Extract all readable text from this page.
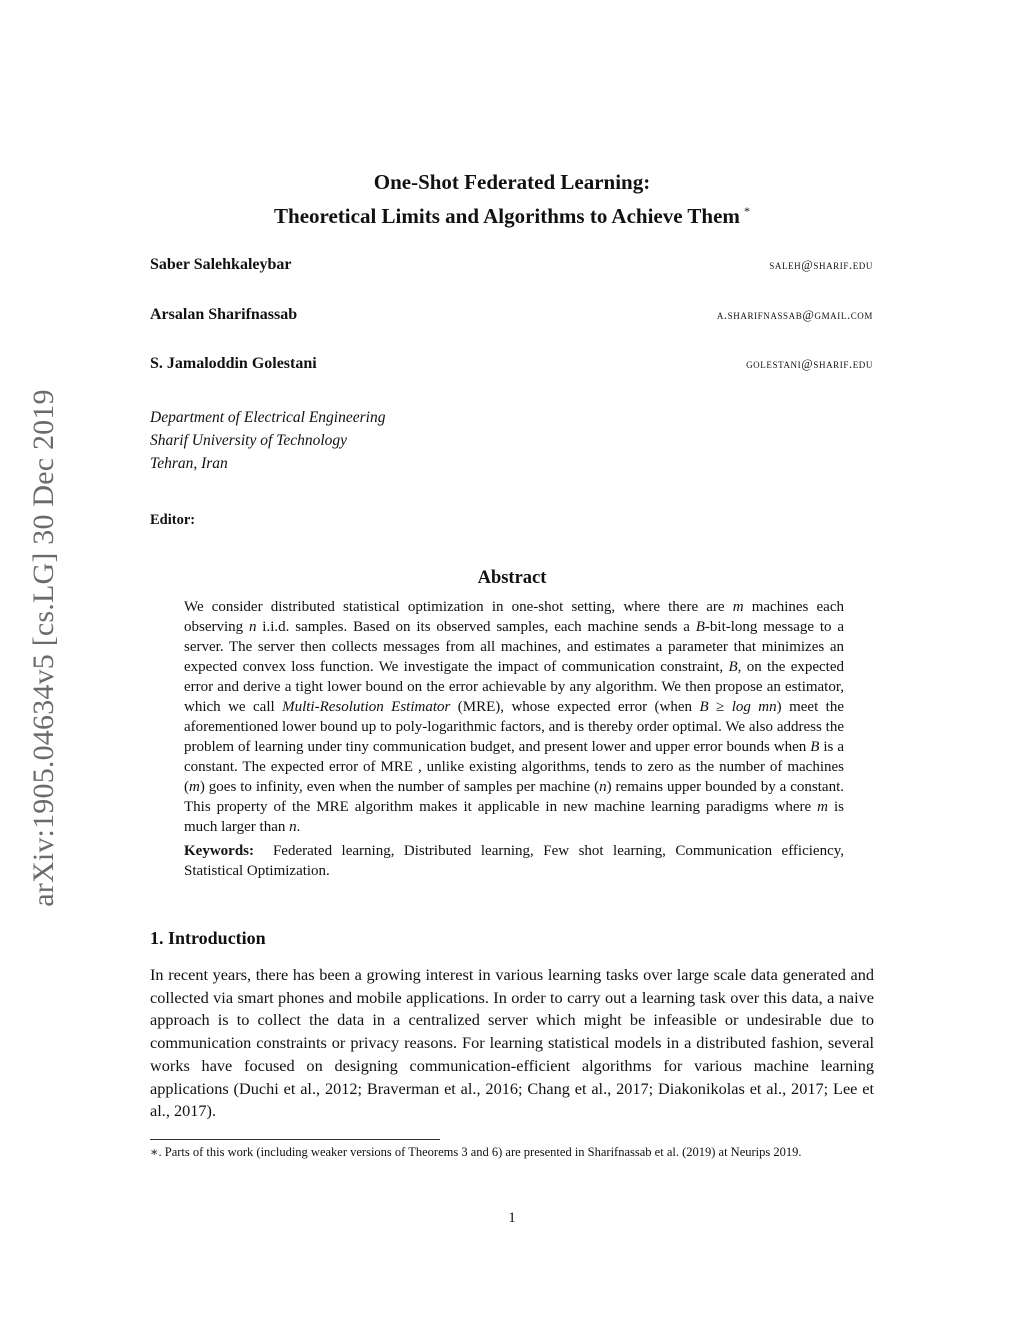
arXiv:1905.04634v5 [cs.LG] 30 Dec 2019
One-Shot Federated Learning:
Theoretical Limits and Algorithms to Achieve Them *
Saber Salehkaleybar	saleh@sharif.edu
Arsalan Sharifnassab	a.sharifnassab@gmail.com
S. Jamaloddin Golestani	golestani@sharif.edu
Department of Electrical Engineering
Sharif University of Technology
Tehran, Iran
Editor:
Abstract

We consider distributed statistical optimization in one-shot setting, where there are m machines each observing n i.i.d. samples. Based on its observed samples, each machine sends a B-bit-long message to a server. The server then collects messages from all machines, and estimates a parameter that minimizes an expected convex loss function. We investigate the impact of communication constraint, B, on the expected error and derive a tight lower bound on the error achievable by any algorithm. We then propose an estimator, which we call Multi-Resolution Estimator (MRE), whose expected error (when B ≥ log mn) meet the aforementioned lower bound up to poly-logarithmic factors, and is thereby order optimal. We also address the problem of learning under tiny communication budget, and present lower and upper error bounds when B is a constant. The expected error of MRE , unlike existing algorithms, tends to zero as the number of machines (m) goes to infinity, even when the number of samples per machine (n) remains upper bounded by a constant. This property of the MRE algorithm makes it applicable in new machine learning paradigms where m is much larger than n.

Keywords: Federated learning, Distributed learning, Few shot learning, Communication efficiency, Statistical Optimization.

1. Introduction

In recent years, there has been a growing interest in various learning tasks over large scale data generated and collected via smart phones and mobile applications. In order to carry out a learning task over this data, a naive approach is to collect the data in a centralized server which might be infeasible or undesirable due to communication constraints or privacy reasons. For learning statistical models in a distributed fashion, several works have focused on designing communication-efficient algorithms for various machine learning applications (Duchi et al., 2012; Braverman et al., 2016; Chang et al., 2017; Diakonikolas et al., 2017; Lee et al., 2017).

∗. Parts of this work (including weaker versions of Theorems 3 and 6) are presented in Sharifnassab et al. (2019) at Neurips 2019.

1
